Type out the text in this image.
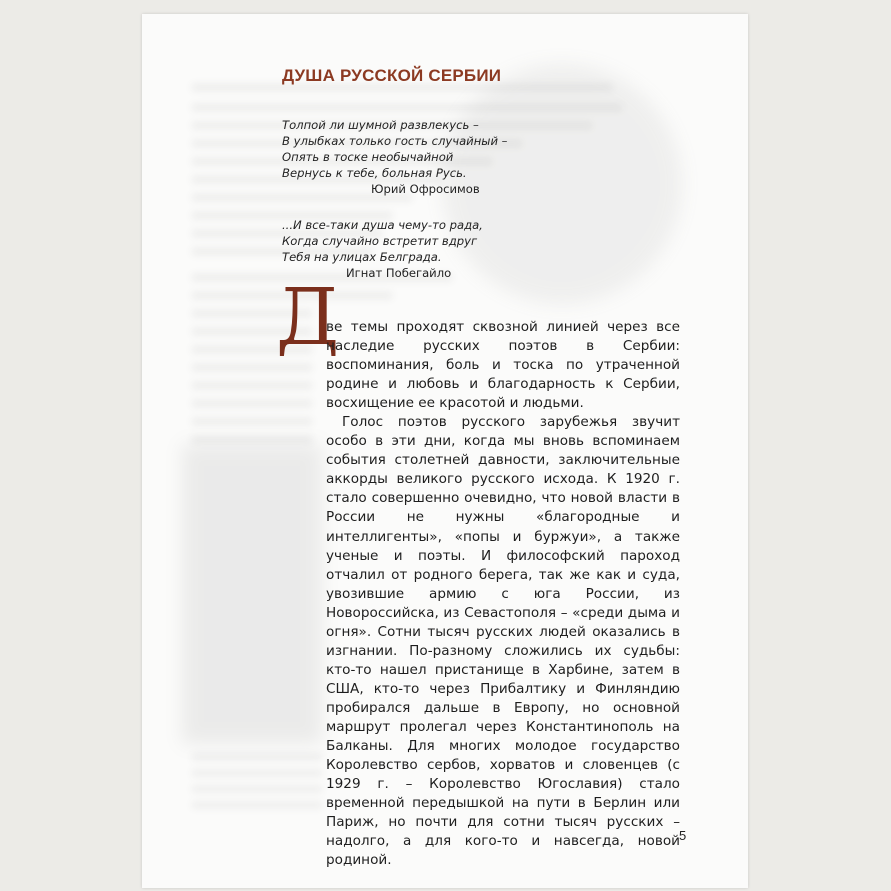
ДУША РУССКОЙ СЕРБИИ
Толпой ли шумной развлекусь –
В улыбках только гость случайный –
Опять в тоске необычайной
Вернусь к тебе, больная Русь.
Юрий Офросимов
...И все-таки душа чему-то рада,
Когда случайно встретит вдруг
Тебя на улицах Белграда.
Игнат Побегайло
Д

ве темы проходят сквозной линией через все наследие русских поэтов в Сербии: воспоминания, боль и тоска по утраченной родине и любовь и благодарность к Сербии, восхищение ее красотой и людьми.

Голос поэтов русского зарубежья звучит особо в эти дни, когда мы вновь вспоминаем события столетней давности, заключительные аккорды великого русского исхода. К 1920 г. стало совершенно очевидно, что новой власти в России не нужны «благородные и интеллигенты», «попы и буржуи», а также ученые и поэты. И философский пароход отчалил от родного берега, так же как и суда, увозившие армию с юга России, из Новороссийска, из Севастополя – «среди дыма и огня». Сотни тысяч русских людей оказались в изгнании. По-разному сложились их судьбы: кто-то нашел пристанище в Харбине, затем в США, кто-то через Прибалтику и Финляндию пробирался дальше в Европу, но основной маршрут пролегал через Константинополь на Балканы. Для многих молодое государство Королевство сербов, хорватов и словенцев (с 1929 г. – Королевство Югославия) стало временной передышкой на пути в Берлин или Париж, но почти для сотни тысяч русских – надолго, а для кого-то и навсегда, новой родиной.

5
